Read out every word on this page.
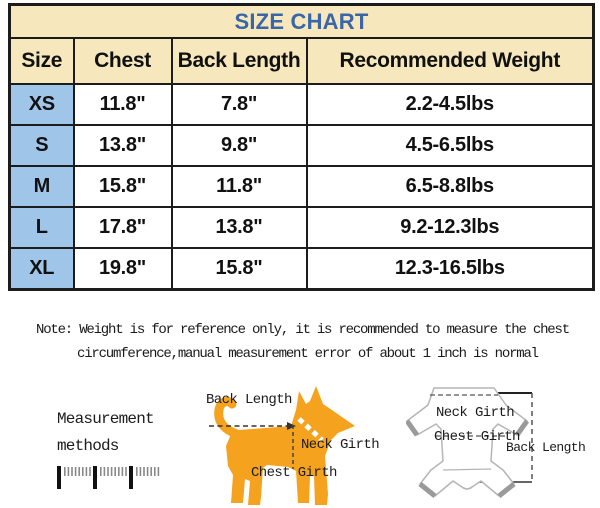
SIZE CHART			
Size	Chest	Back Length	Recommended Weight
XS	11.8"	7.8"	2.2-4.5lbs
S	13.8"	9.8"	4.5-6.5lbs
M	15.8"	11.8"	6.5-8.8lbs
L	17.8"	13.8"	9.2-12.3lbs
XL	19.8"	15.8"	12.3-16.5lbs
Note: Weight is for reference only, it is recommended to measure the chest
circumference,manual measurement error of about 1 inch is normal
Measurement
methods
Back Length
Neck Girth
Chest Girth
Neck Girth
Chest Girth
Back Length
